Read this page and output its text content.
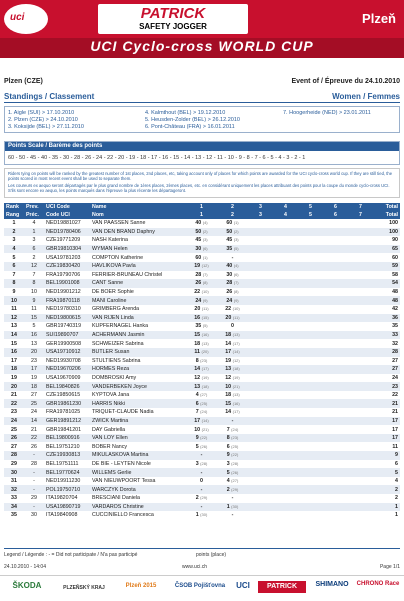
uci	PATRICK
SAFETY JOGGER
Plzeň
UCI Cyclo-cross WORLD CUP
Plzen (CZE)	Event of / Épreuve du 24.10.2010
Standings / Classement	Women / Femmes
1. Aigle (SUI) > 17.10.2010
2. Plzen (CZE) > 24.10.2010
3. Koksijde (BEL) > 27.11.2010
4. Kalmthout (BEL) > 19.12.2010
5. Heusden-Zolder (BEL) > 26.12.2010
6. Pont-Château (FRA) > 16.01.2011
7. Hoogerheide (NED) > 23.01.2011
Points Scale / Barème des points
60 - 50 - 45 - 40 - 35 - 30 - 28 - 26 - 24 - 22 - 20 - 19 - 18 - 17 - 16 - 15 - 14 - 13 - 12 - 11 - 10 - 9 - 8 - 7 - 6 - 5 - 4 - 3 - 2 - 1
Riders tying on points will be ranked by the greatest number of 1st places, 2nd places, etc, taking account only of places for which points are awarded for the UCI cyclo-cross world cup. If they are still tied, the points scored in most recent event shall be used to separate them.
Les coureurs ex aequo seront départagés par le plus grand nombre de 1ères places, 2èmes places, etc. en considérant uniquement les places attribuant des points pour la coupe du monde cyclo-cross UCI. S'ils sont encore ex aequo, les points marqués dans l'épreuve la plus récente les départageront.
Rank	Prev.	UCI Code	Name	1	2	3	4	5	6	7	Total
Rang	Préc.	Code UCI	Nom	1	2	3	4	5	6	7	Total
1	4	NED19881027	VAN PAASSEN Sanne	40 (4)	60 (1)						100
2	1	NED19780406	VAN DEN BRAND Daphny	50 (2)	50 (2)						100
3	3	CZE19771209	NASH Katerina	45 (3)	45 (3)						90
4	6	GBR19810304	WYMAN Helen	30 (6)	35 (5)						65
5	2	USA19781203	COMPTON Katherine	60 (1)	-						60
6	12	CZE19830420	HAVLIKOVA Pavla	19 (12)	40 (4)						59
7	7	FRA19790706	FERRIER-BRUNEAU Christel	28 (7)	30 (6)						58
8	8	BEL19901008	CANT Sanne	26 (8)	28 (7)						54
9	10	NED19901212	DE BOER Sophie	22 (10)	26 (8)						48
10	9	FRA19870118	MANI Caroline	24 (9)	24 (9)						48
11	11	NED19780310	GRIMBERG Arenda	20 (11)	22 (10)						42
12	15	NED19800615	VAN RIJEN Linda	16 (15)	20 (11)						36
13	5	GBR19740319	KUPFERNAGEL Hanka	35 (5)	0						35
14	16	SUI19890707	ACHERMANN Jasmin	15 (16)	18 (13)						33
15	13	GER19900508	SCHWEIZER Sabrina	18 (13)	14 (17)						32
16	20	USA19710912	BUTLER Susan	11 (20)	17 (14)						28
17	23	NED19930708	STULTIENS Sabrina	8 (23)	19 (12)						27
18	17	NED19670206	HORMES Reza	14 (17)	13 (18)						27
19	19	USA19670909	DOMBROSKI Amy	12 (19)	12 (19)						24
20	18	BEL19840826	VANDERBEKEN Joyce	13 (18)	10 (21)						23
21	27	CZE19850615	KYPTOVA Jana	4 (27)	18 (13)						22
22	25	GBR19861230	HARRIS Nikki	6 (25)	15 (16)						21
23	24	FRA19781025	TRIQUET-CLAUDE Nadia	7 (24)	14 (17)						21
24	14	GER19891212	ZWICK Martina	17 (14)	-						17
25	21	GBR19841201	DAY Gabriella	10 (21)	7 (24)						17
26	22	BEL19800916	VAN LOY Ellen	9 (22)	8 (23)						17
27	26	BEL19751210	BOBER Nancy	5 (26)	6 (25)						11
28	-	CZE19930813	MIKULASKOVA Martina	-	9 (22)						9
29	28	BEL19751111	DE BIE - LEYTEN Nicole	3 (28)	3 (28)						6
30	-	BEL19770624	WILLEMS Gerlie	-	5 (26)						5
31	-	NED19911230	VAN NIEUWPOORT Tessa	0	4 (27)						4
32	-	POL19750710	WARCZYK Dorota	-	2 (29)						2
33	29	ITA19820704	BRESCIANI Daniela	2 (29)	-						2
34	-	USA19890719	VARDAROS Christine	-	1 (30)						1
35	30	ITA19840908	CUCCINIELLO Francesca	1 (30)	-						1
Legend / Légende : - = Did not participate / N'a pas participé	points (place)
24.10.2010 - 14:04	www.uci.ch	Page 1/1
ŠKODA	PLZEŇSKÝ KRAJ	Plzeň 2015	ČSOB Pojišťovna	UCI	PATRICK	SHIMANO	CHRONO Race
